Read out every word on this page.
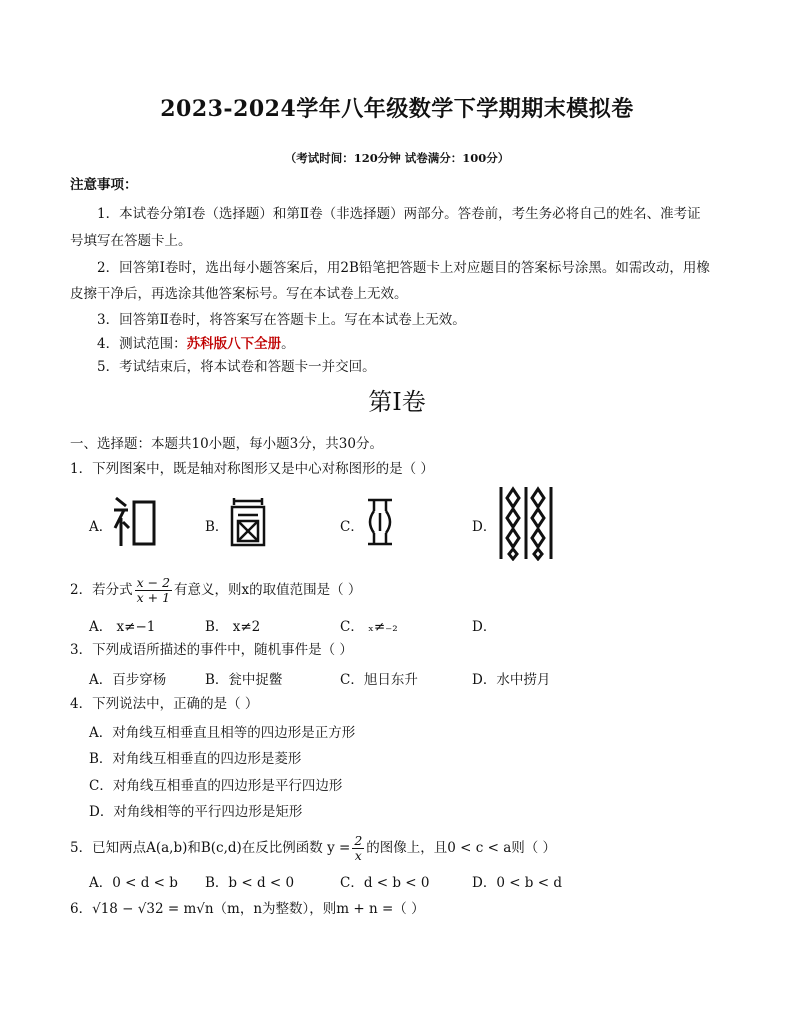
2023-2024学年八年级数学下学期期末模拟卷
（考试时间：120分钟 试卷满分：100分）
注意事项：
1．本试卷分第Ⅰ卷（选择题）和第Ⅱ卷（非选择题）两部分。答卷前，考生务必将自己的姓名、准考证
号填写在答题卡上。
2．回答第Ⅰ卷时，选出每小题答案后，用2B铅笔把答题卡上对应题目的答案标号涂黑。如需改动，用橡
皮擦干净后，再选涂其他答案标号。写在本试卷上无效。
3．回答第Ⅱ卷时，将答案写在答题卡上。写在本试卷上无效。
4．测试范围：苏科版八下全册。
5．考试结束后，将本试卷和答题卡一并交回。
第Ⅰ卷
一、选择题：本题共10小题，每小题3分，共30分。
1．下列图案中，既是轴对称图形又是中心对称图形的是（ ）
A．	B．	C．	D．
2．若分式 $\frac{x - 2}{x + 1}$ 有意义，则x的取值范围是（ ）
A． x≠−1	B． x≠2	C． ₓ≠₋₂	D．
3．下列成语所描述的事件中，随机事件是（ ）
A．百步穿杨	B．瓮中捉鳖	C．旭日东升	D．水中捞月
4．下列说法中，正确的是（ ）
A．对角线互相垂直且相等的四边形是正方形
B．对角线互相垂直的四边形是菱形
C．对角线互相垂直的四边形是平行四边形
D．对角线相等的平行四边形是矩形
5．已知两点A(a,b)和B(c,d)在反比例函数 $y = \frac{2}{x}$ 的图像上，且0 < c < a则（ ）
A．0 < d < b B．b < d < 0	C．d < b < 0	D．0 < b < d
6．√18 − √32 = m√n（m，n为整数），则m + n =（ ）
